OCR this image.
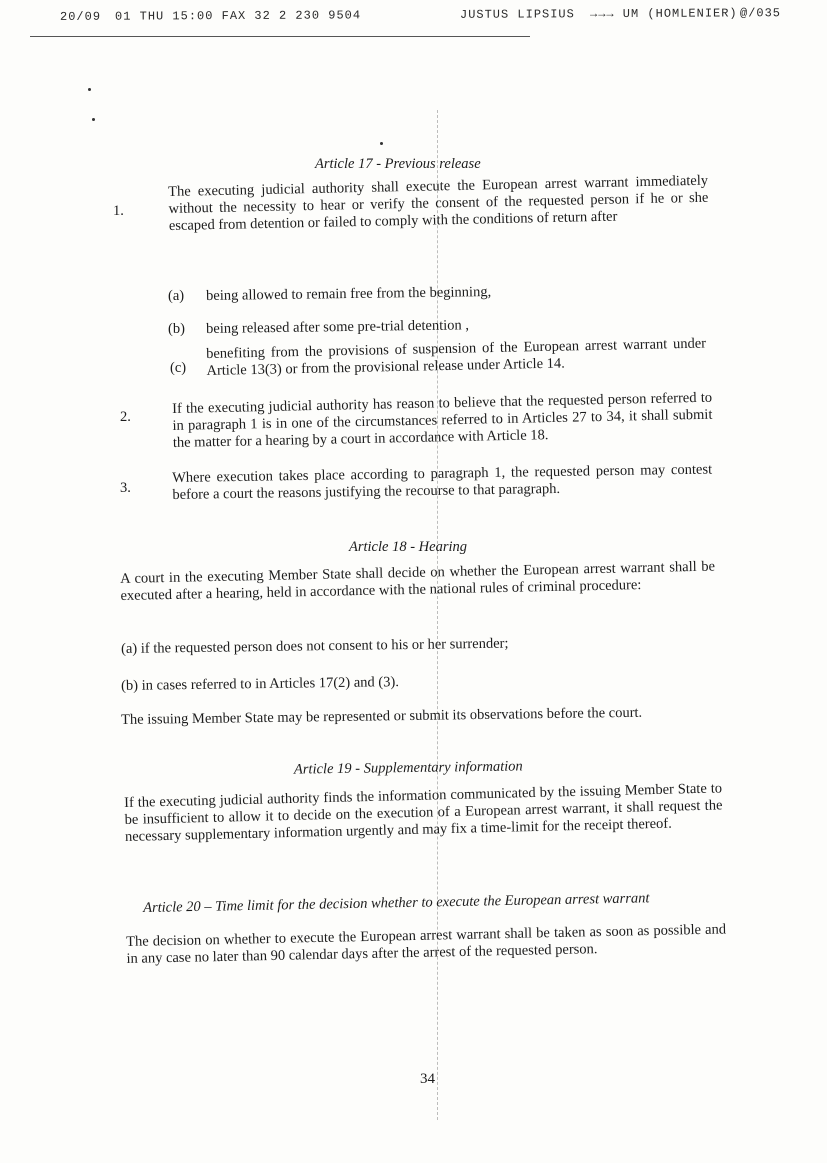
20/09 01 THU 15:00 FAX 32 2 230 9504	JUSTUS LIPSIUS →→→ UM (HOMLENIER) @/035
Article 17 - Previous release
1.
The executing judicial authority shall execute the European arrest warrant immediately without the necessity to hear or verify the consent of the requested person if he or she escaped from detention or failed to comply with the conditions of return after
(a) being allowed to remain free from the beginning,
(b) being released after some pre-trial detention ,
(c)
benefiting from the provisions of suspension of the European arrest warrant under Article 13(3) or from the provisional release under Article 14.
2.
If the executing judicial authority has reason to believe that the requested person referred to in paragraph 1 is in one of the circumstances referred to in Articles 27 to 34, it shall submit the matter for a hearing by a court in accordance with Article 18.
3.
Where execution takes place according to paragraph 1, the requested person may contest before a court the reasons justifying the recourse to that paragraph.
Article 18 - Hearing
A court in the executing Member State shall decide on whether the European arrest warrant shall be executed after a hearing, held in accordance with the national rules of criminal procedure:
(a) if the requested person does not consent to his or her surrender;
(b) in cases referred to in Articles 17(2) and (3).
The issuing Member State may be represented or submit its observations before the court.
Article 19 - Supplementary information
If the executing judicial authority finds the information communicated by the issuing Member State to be insufficient to allow it to decide on the execution of a European arrest warrant, it shall request the necessary supplementary information urgently and may fix a time-limit for the receipt thereof.
Article 20 – Time limit for the decision whether to execute the European arrest warrant
The decision on whether to execute the European arrest warrant shall be taken as soon as possible and in any case no later than 90 calendar days after the arrest of the requested person.
34
